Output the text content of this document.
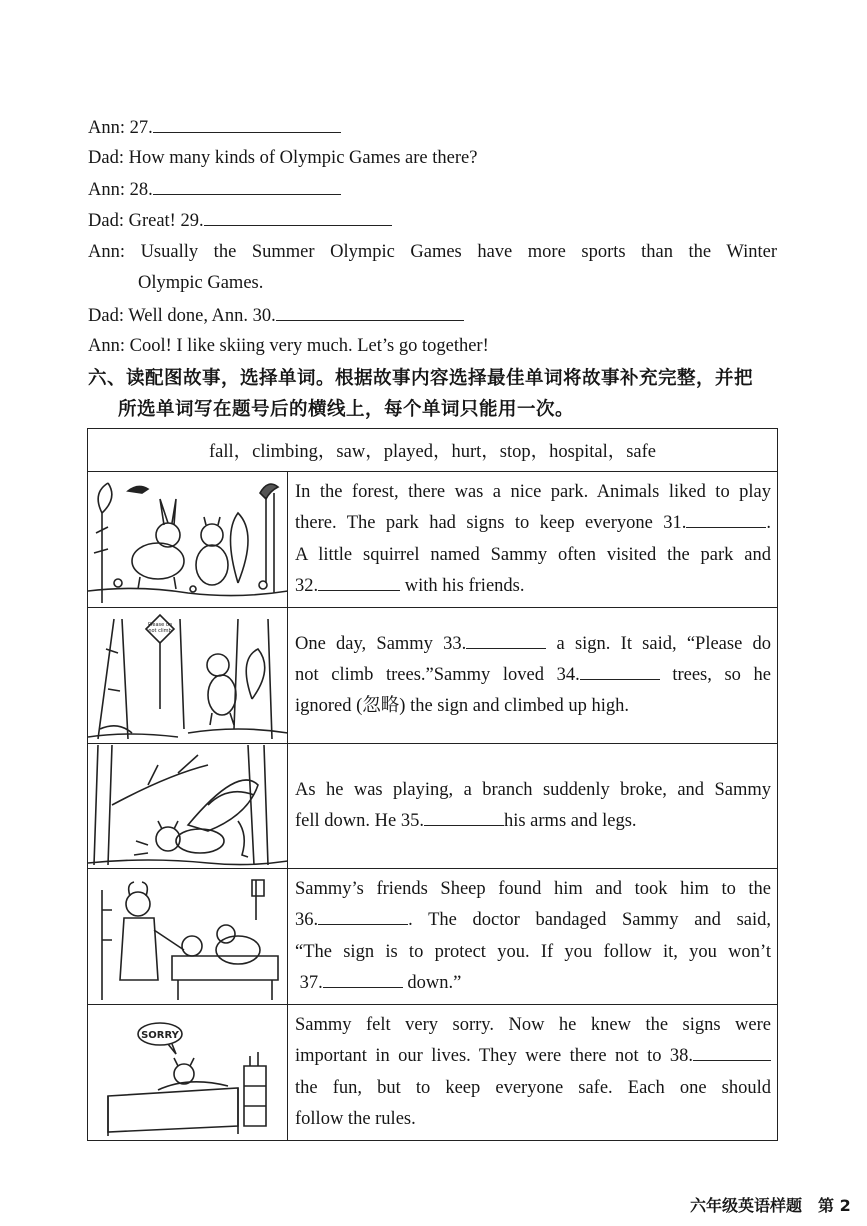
Ann: 27.
Dad: How many kinds of Olympic Games are there?
Ann: 28.
Dad: Great! 29.
Ann: Usually the Summer Olympic Games have more sports than the Winter
Olympic Games.
Dad: Well done, Ann. 30.
Ann: Cool! I like skiing very much. Let’s go together!
六、读配图故事，选择单词。根据故事内容选择最佳单词将故事补充完整，并把
所选单词写在题号后的横线上，每个单词只能用一次。
fall，climbing，saw，played，hurt，stop，hospital，safe	

In the forest, there was a nice park. Animals liked to play
there. The park had signs to keep everyone 31. .
A little squirrel named Sammy often visited the park and
32. with his friends.

Please do
not climb	One day, Sammy 33. a sign. It said, “Please do
not climb trees.”Sammy loved 34. trees, so he
ignored (忽略) the sign and climbed up high.

As he was playing, a branch suddenly broke, and Sammy
fell down. He 35. his arms and legs.

Sammy’s friends Sheep found him and took him to the
36. . The doctor bandaged Sammy and said,
“The sign is to protect you. If you follow it, you won’t
37. down.”

SORRY	Sammy felt very sorry. Now he knew the signs were
important in our lives. They were there not to 38.
the fun, but to keep everyone safe. Each one should
follow the rules.
六年级英语样题　第 2
